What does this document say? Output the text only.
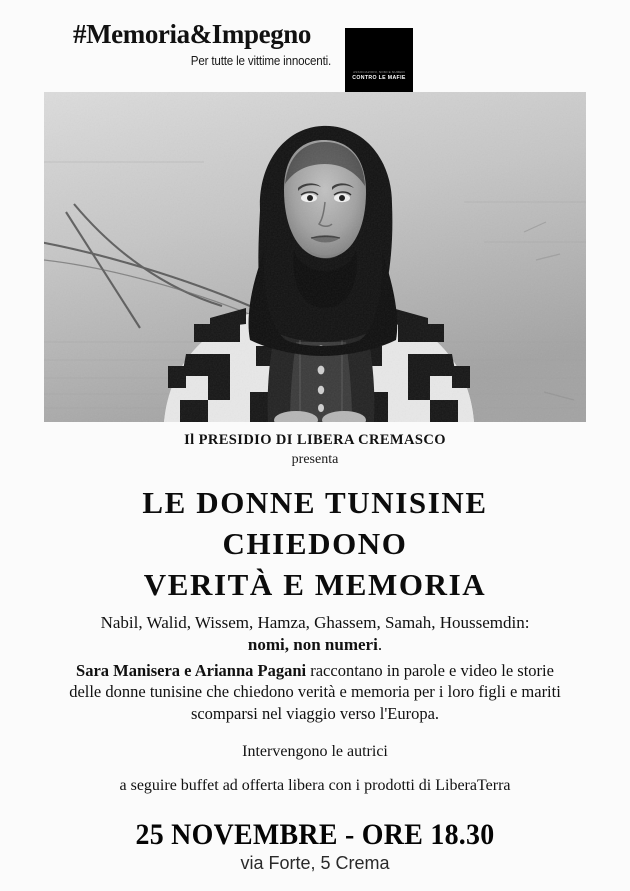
#Memoria&Impegno
Per tutte le vittime innocenti. LIBERA
ASSOCIAZIONI, NOMI E NUMERI
CONTRO LE MAFIE
Il PRESIDIO DI LIBERA CREMASCO
presenta
LE DONNE TUNISINE
CHIEDONO
VERITÀ E MEMORIA
Nabil, Walid, Wissem, Hamza, Ghassem, Samah, Houssemdin:
nomi, non numeri.
Sara Manisera e Arianna Pagani raccontano in parole e video le storie delle donne tunisine che chiedono verità e memoria per i loro figli e mariti scomparsi nel viaggio verso l'Europa.
Intervengono le autrici
a seguire buffet ad offerta libera con i prodotti di LiberaTerra
25 NOVEMBRE - ORE 18.30
via Forte, 5 Crema
